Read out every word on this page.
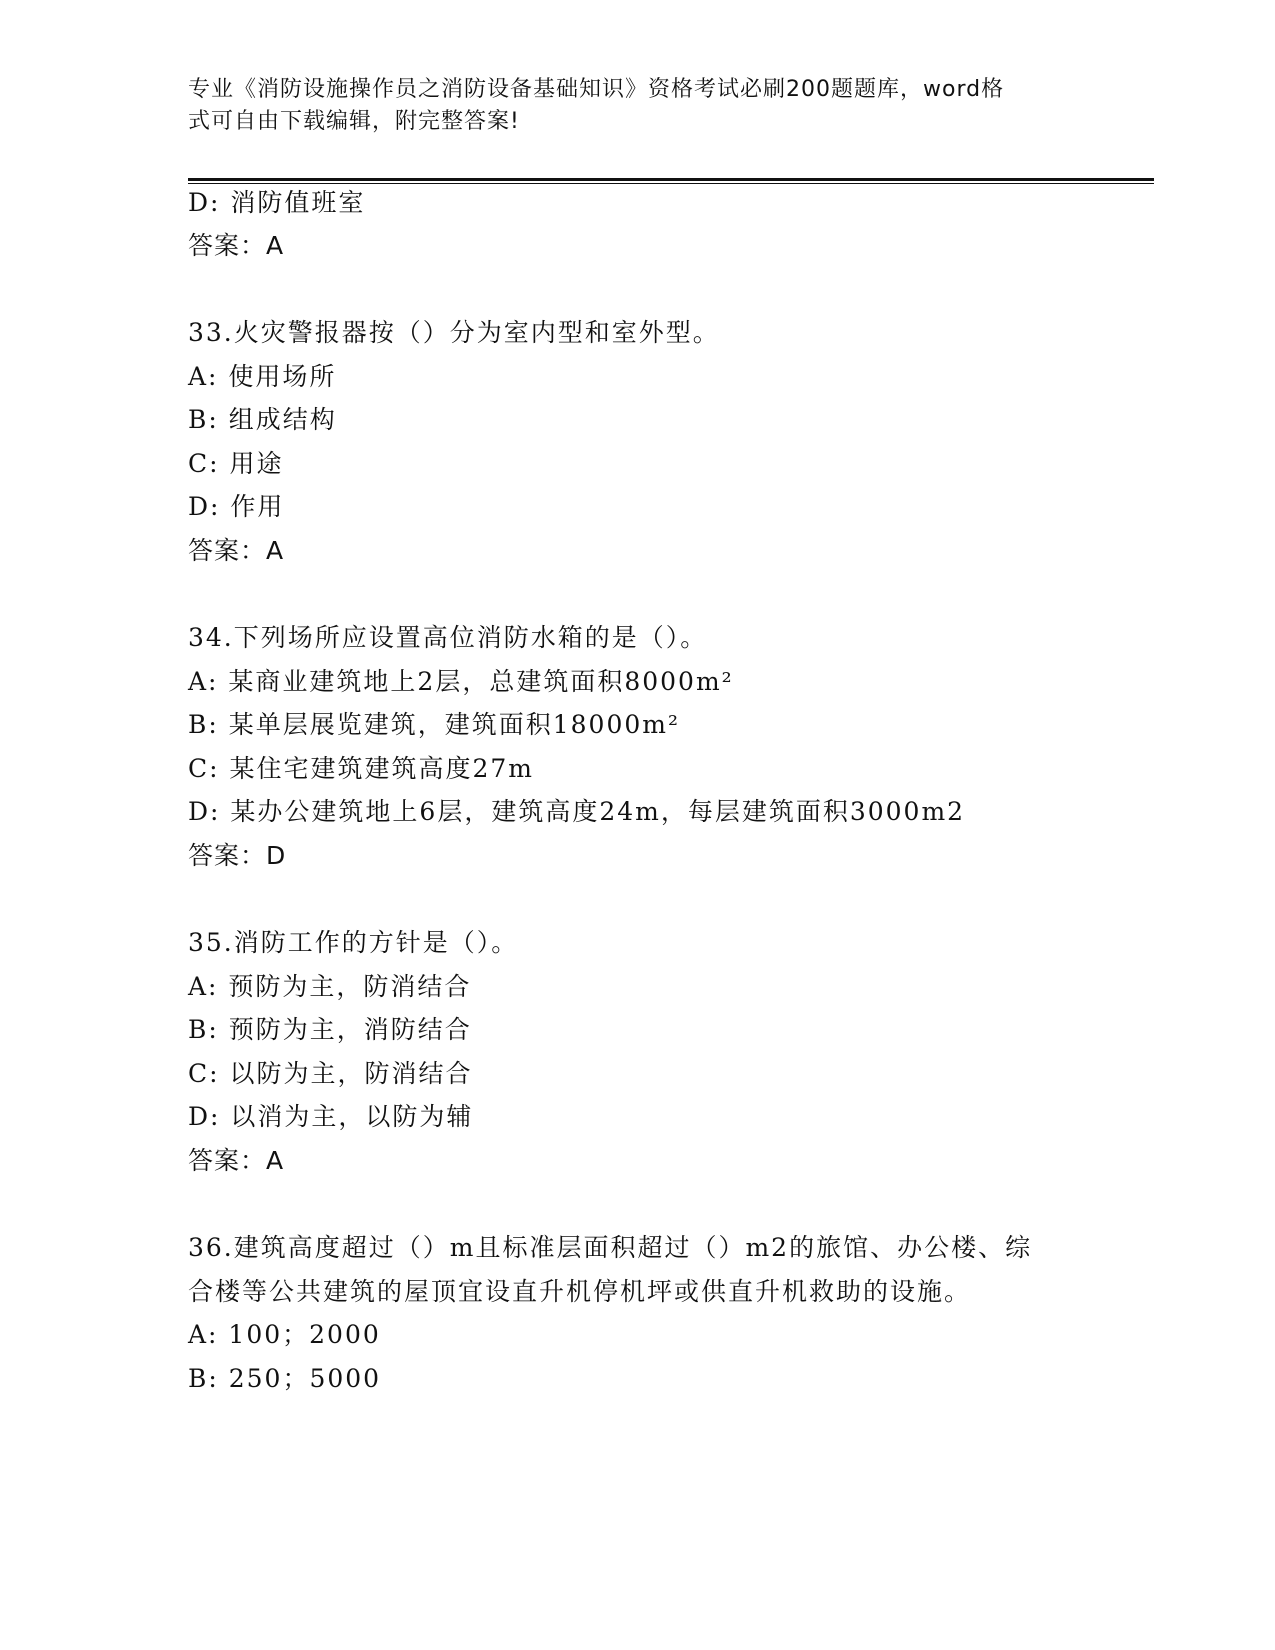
专业《消防设施操作员之消防设备基础知识》资格考试必刷200题题库，word格
式可自由下载编辑，附完整答案!
D: 消防值班室
答案：A
33.火灾警报器按（）分为室内型和室外型。
A: 使用场所
B: 组成结构
C: 用途
D: 作用
答案：A
34.下列场所应设置高位消防水箱的是（）。
A: 某商业建筑地上2层，总建筑面积8000m²
B: 某单层展览建筑，建筑面积18000m²
C: 某住宅建筑建筑高度27m
D: 某办公建筑地上6层，建筑高度24m，每层建筑面积3000m2
答案：D
35.消防工作的方针是（）。
A: 预防为主，防消结合
B: 预防为主，消防结合
C: 以防为主，防消结合
D: 以消为主，以防为辅
答案：A
36.建筑高度超过（）m且标准层面积超过（）m2的旅馆、办公楼、综
合楼等公共建筑的屋顶宜设直升机停机坪或供直升机救助的设施。
A: 100；2000
B: 250；5000
